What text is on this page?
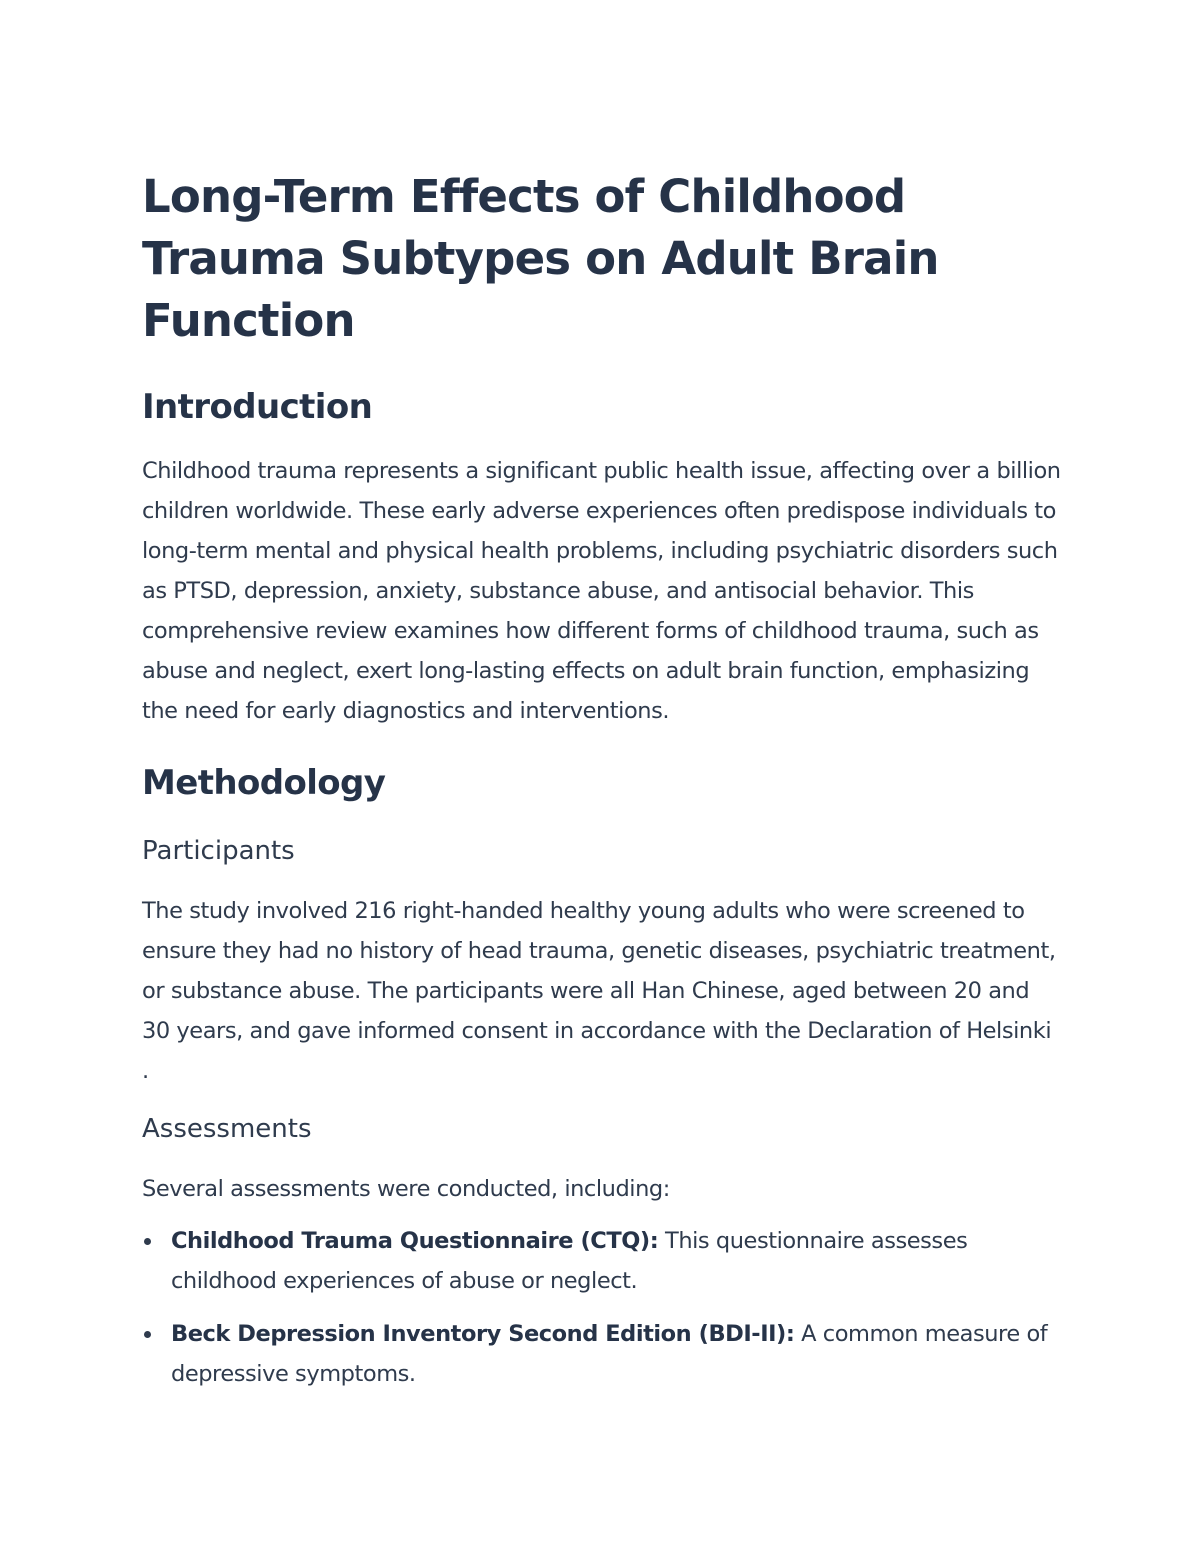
Long-Term Effects of Childhood Trauma Subtypes on Adult Brain Function
Introduction

Childhood trauma represents a significant public health issue, affecting over a billion children worldwide. These early adverse experiences often predispose individuals to long-term mental and physical health problems, including psychiatric disorders such as PTSD, depression, anxiety, substance abuse, and antisocial behavior. This comprehensive review examines how different forms of childhood trauma, such as abuse and neglect, exert long-lasting effects on adult brain function, emphasizing the need for early diagnostics and interventions.

Methodology
Participants

The study involved 216 right-handed healthy young adults who were screened to ensure they had no history of head trauma, genetic diseases, psychiatric treatment, or substance abuse. The participants were all Han Chinese, aged between 20 and 30 years, and gave informed consent in accordance with the Declaration of Helsinki .

Assessments

Several assessments were conducted, including:

Childhood Trauma Questionnaire (CTQ): This questionnaire assesses childhood experiences of abuse or neglect.
Beck Depression Inventory Second Edition (BDI-II): A common measure of depressive symptoms.
